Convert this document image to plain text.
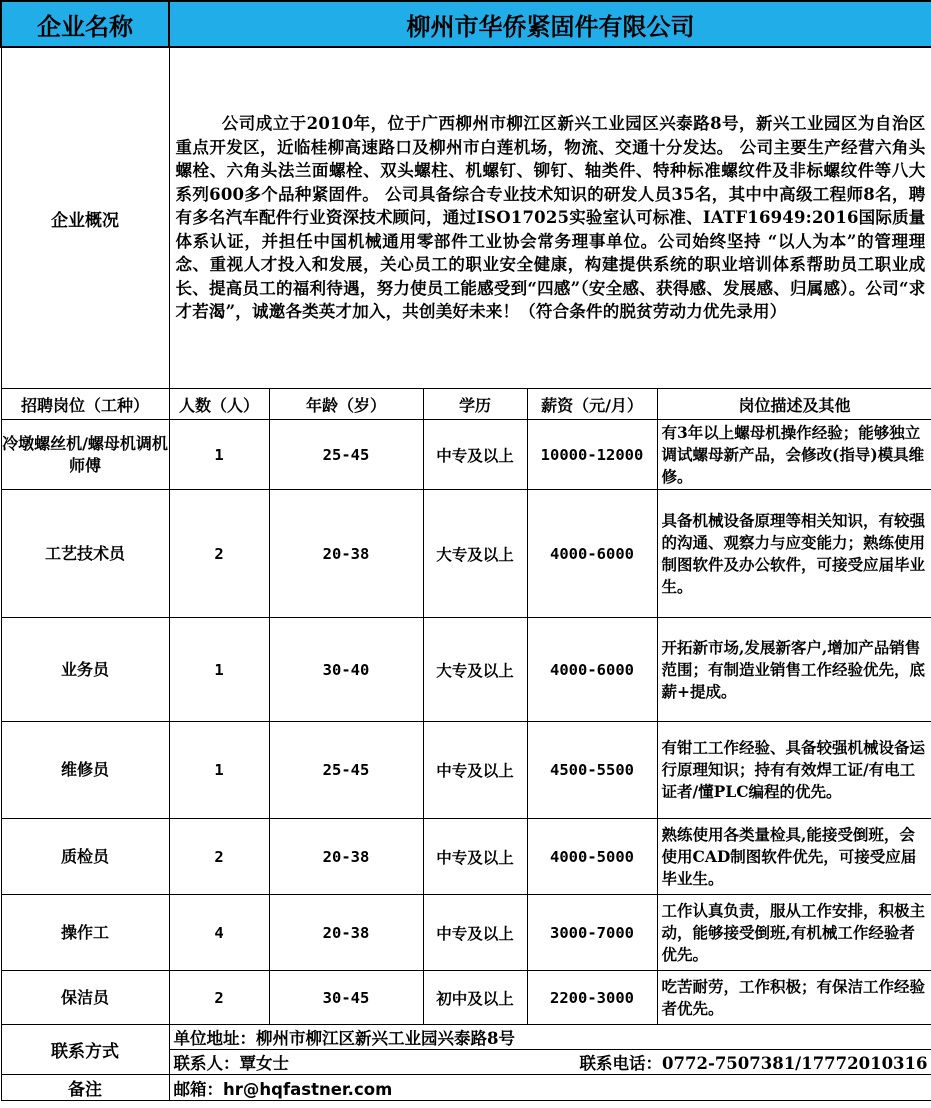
企业名称	柳州市华侨紧固件有限公司				
企业概况	公司成立于2010年，位于广西柳州市柳江区新兴工业园区兴泰路8号，新兴工业园区为自治区重点开发区，近临桂柳高速路口及柳州市白莲机场，物流、交通十分发达。 公司主要生产经营六角头螺栓、六角头法兰面螺栓、双头螺柱、机螺钉、铆钉、轴类件、特种标准螺纹件及非标螺纹件等八大系列600多个品种紧固件。 公司具备综合专业技术知识的研发人员35名，其中中高级工程师8名，聘有多名汽车配件行业资深技术顾问，通过ISO17025实验室认可标准、IATF16949:2016国际质量体系认证，并担任中国机械通用零部件工业协会常务理事单位。公司始终坚持 “以人为本”的管理理念、重视人才投入和发展，关心员工的职业安全健康，构建提供系统的职业培训体系帮助员工职业成长、提高员工的福利待遇，努力使员工能感受到“四感”（安全感、获得感、发展感、归属感）。公司“求才若渴”，诚邀各类英才加入，共创美好未来！（符合条件的脱贫劳动力优先录用）				
招聘岗位（工种）	人数（人）	年龄（岁）	学历	薪资（元/月）	岗位描述及其他
冷墩螺丝机/螺母机调机师傅	1	25-45	中专及以上	10000-12000	有3年以上螺母机操作经验；能够独立调试螺母新产品，会修改(指导)模具维修。
工艺技术员	2	20-38	大专及以上	4000-6000	具备机械设备原理等相关知识，有较强的沟通、观察力与应变能力；熟练使用制图软件及办公软件，可接受应届毕业生。
业务员	1	30-40	大专及以上	4000-6000	开拓新市场,发展新客户,增加产品销售范围；有制造业销售工作经验优先，底薪+提成。
维修员	1	25-45	中专及以上	4500-5500	有钳工工作经验、具备较强机械设备运行原理知识；持有有效焊工证/有电工证者/懂PLC编程的优先。
质检员	2	20-38	中专及以上	4000-5000	熟练使用各类量检具,能接受倒班，会使用CAD制图软件优先，可接受应届毕业生。
操作工	4	20-38	中专及以上	3000-7000	工作认真负责，服从工作安排，积极主动，能够接受倒班,有机械工作经验者优先。
保洁员	2	30-45	初中及以上	2200-3000	吃苦耐劳，工作积极；有保洁工作经验者优先。
联系方式	单位地址：柳州市柳江区新兴工业园兴泰路8号				

	联系人：覃女士 联系电话：0772-7507381/17772010316				

备注	邮箱：hr@hqfastner.com				
